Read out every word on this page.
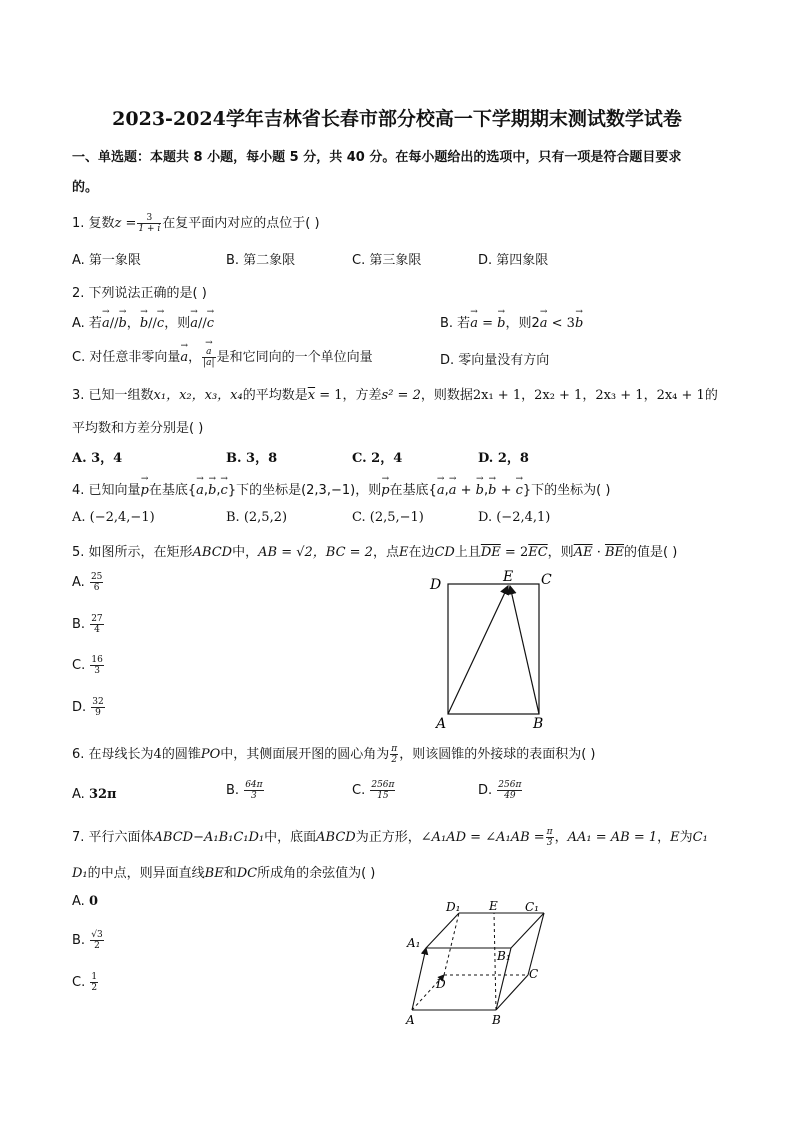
2023-2024学年吉林省长春市部分校高一下学期期末测试数学试卷
一、单选题：本题共 8 小题，每小题 5 分，共 40 分。在每小题给出的选项中，只有一项是符合题目要求
的。
1. 复数$z = \frac{3}{1 + i}$ 在复平面内对应的点位于( )
A. 第一象限	B. 第二象限	C. 第三象限	D. 第四象限
2. 下列说法正确的是( )
A. 若a →//b →，b →//c →，则a →//c →	B. 若a → = b →，则2a → < 3b →
C. 对任意非零向量a →， $\frac{a \to}{|a|}$ 是和它同向的一个单位向量	D. 零向量没有方向
3. 已知一组数x₁，x₂，x₃，x₄的平均数是$\overline{x} = 1$，方差s² = 2，则数据2x₁ + 1，2x₂ + 1，2x₃ + 1，2x₄ + 1的
平均数和方差分别是( )
A. 3，4	B. 3，8	C. 2，4	D. 2，8
4. 已知向量p →在基底{a →,b →,c →}下的坐标是(2,3,−1)，则p →在基底{a →,a → + b →,b → + c →}下的坐标为( )
A. (−2,4,−1)	B. (2,5,2)	C. (2,5,−1)	D. (−2,4,1)
5. 如图所示，在矩形ABCD中，AB = √2，BC = 2，点E在边CD上且$\overline{DE} = 2\overline{EC}$，则$\overline{AE} \cdot \overline{BE}$的值是( )
A. $\frac{25}{6}$
B. $\frac{27}{4}$
C. $\frac{16}{3}$
D. $\frac{32}{9}$
D	E C
A	B
6. 在母线长为4的圆锥PO中，其侧面展开图的圆心角为 $\frac{\pi}{2}$ ，则该圆锥的外接球的表面积为( )
A. 32π	B. $\frac{64\pi}{3}$	C. $\frac{256\pi}{15}$	D. $\frac{256\pi}{49}$
7. 平行六面体ABCD−A₁B₁C₁D₁中，底面ABCD为正方形，∠A₁AD = ∠A₁AB = $\frac{\pi}{3}$ ，AA₁ = AB = 1，E为C₁
D₁的中点，则异面直线BE和DC所成角的余弦值为( )
A. 0
B. $\frac{√3}{2}$
C. $\frac{1}{2}$
D₁ E C₁
A₁
B₁
C
D
A	B
